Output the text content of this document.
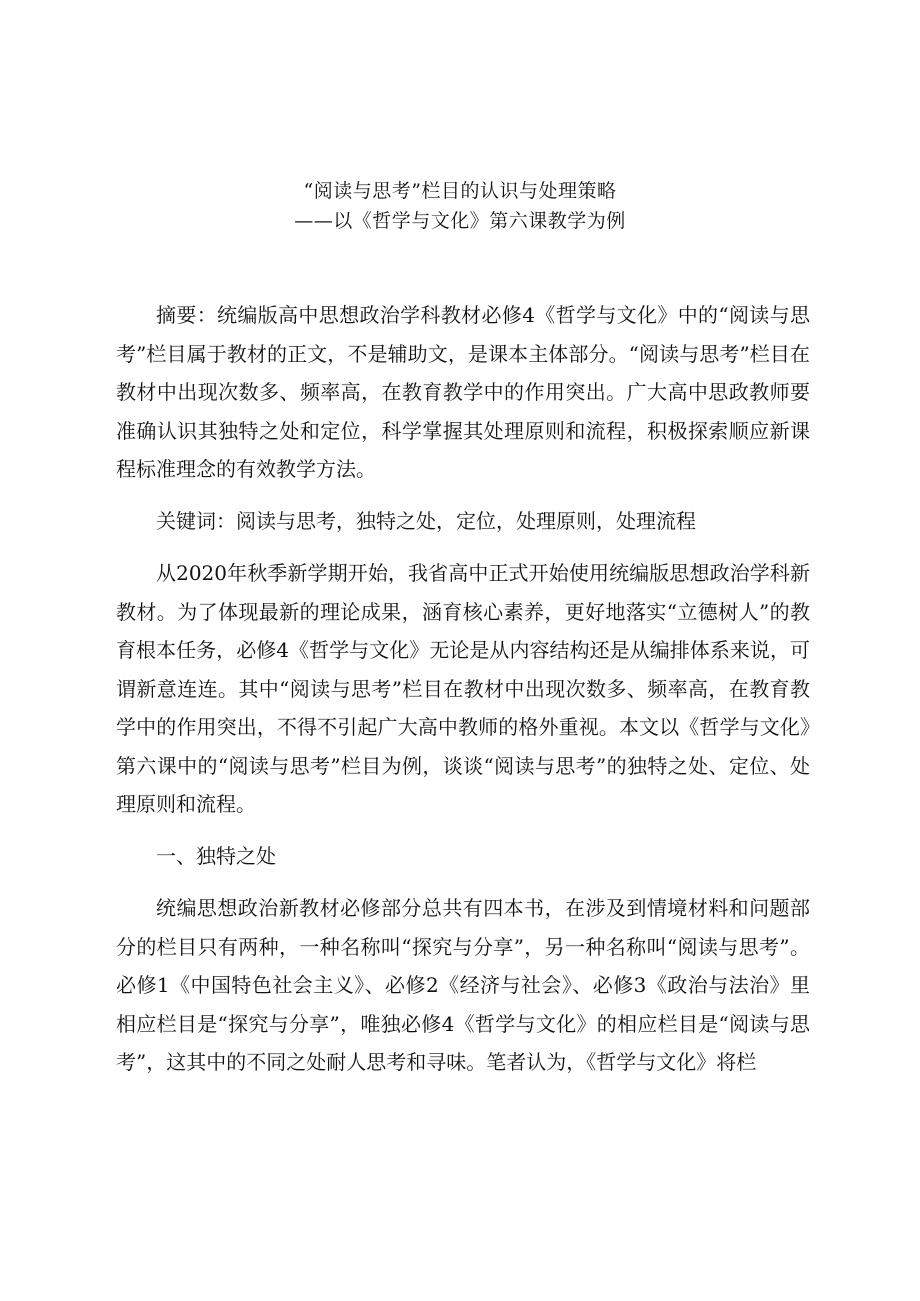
“阅读与思考”栏目的认识与处理策略
——以《哲学与文化》第六课教学为例

摘要：统编版高中思想政治学科教材必修4《哲学与文化》中的“阅读与思考”栏目属于教材的正文，不是辅助文，是课本主体部分。“阅读与思考”栏目在教材中出现次数多、频率高，在教育教学中的作用突出。广大高中思政教师要准确认识其独特之处和定位，科学掌握其处理原则和流程，积极探索顺应新课程标准理念的有效教学方法。

关键词：阅读与思考，独特之处，定位，处理原则，处理流程

从2020年秋季新学期开始，我省高中正式开始使用统编版思想政治学科新教材。为了体现最新的理论成果，涵育核心素养，更好地落实“立德树人”的教育根本任务，必修4《哲学与文化》无论是从内容结构还是从编排体系来说，可谓新意连连。其中“阅读与思考”栏目在教材中出现次数多、频率高，在教育教学中的作用突出，不得不引起广大高中教师的格外重视。本文以《哲学与文化》第六课中的“阅读与思考”栏目为例，谈谈“阅读与思考”的独特之处、定位、处理原则和流程。

一、独特之处

统编思想政治新教材必修部分总共有四本书，在涉及到情境材料和问题部分的栏目只有两种，一种名称叫“探究与分享”，另一种名称叫“阅读与思考”。必修1《中国特色社会主义》、必修2《经济与社会》、必修3《政治与法治》里相应栏目是“探究与分享”，唯独必修4《哲学与文化》的相应栏目是“阅读与思考”，这其中的不同之处耐人思考和寻味。笔者认为，《哲学与文化》将栏
